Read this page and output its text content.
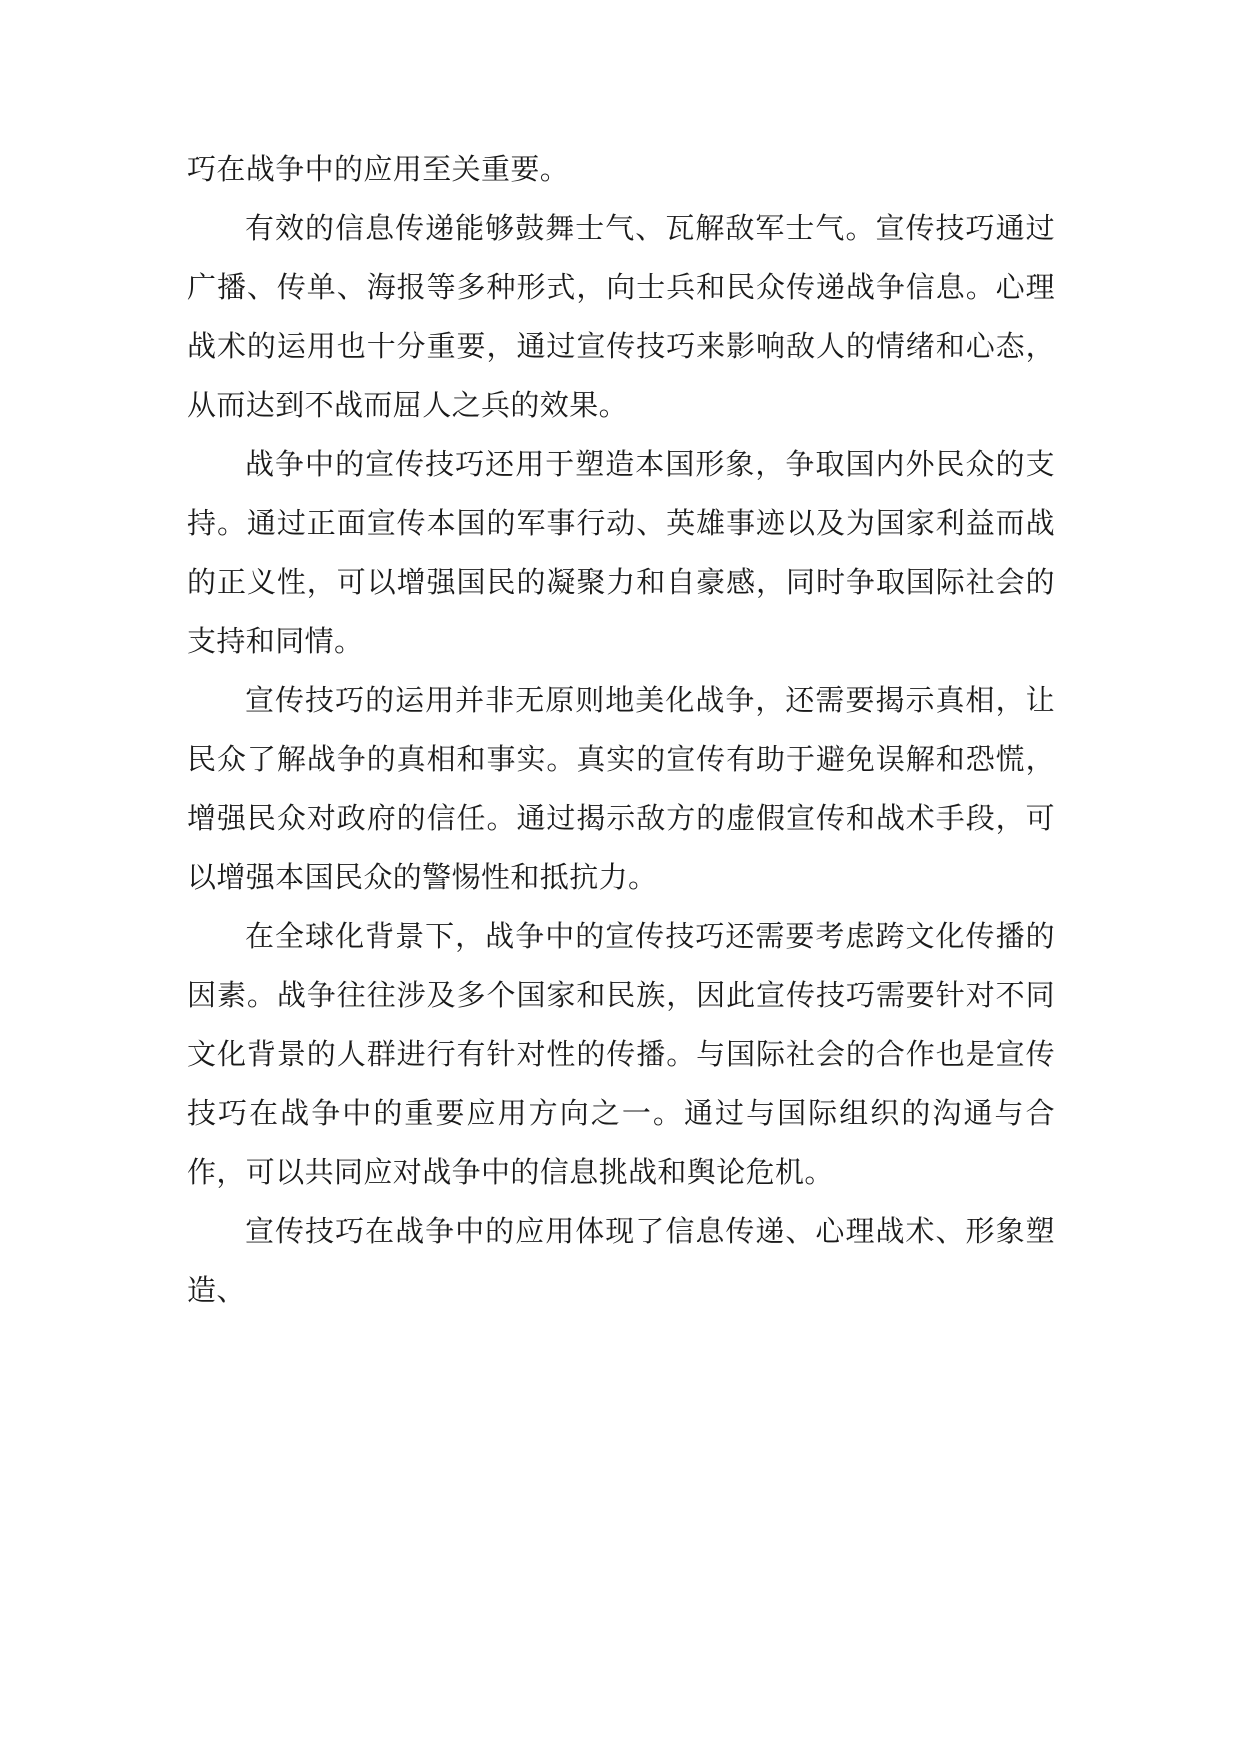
巧在战争中的应用至关重要。

有效的信息传递能够鼓舞士气、瓦解敌军士气。宣传技巧通过广播、传单、海报等多种形式，向士兵和民众传递战争信息。心理战术的运用也十分重要，通过宣传技巧来影响敌人的情绪和心态，从而达到不战而屈人之兵的效果。

战争中的宣传技巧还用于塑造本国形象，争取国内外民众的支持。通过正面宣传本国的军事行动、英雄事迹以及为国家利益而战的正义性，可以增强国民的凝聚力和自豪感，同时争取国际社会的支持和同情。

宣传技巧的运用并非无原则地美化战争，还需要揭示真相，让民众了解战争的真相和事实。真实的宣传有助于避免误解和恐慌，增强民众对政府的信任。通过揭示敌方的虚假宣传和战术手段，可以增强本国民众的警惕性和抵抗力。

在全球化背景下，战争中的宣传技巧还需要考虑跨文化传播的因素。战争往往涉及多个国家和民族，因此宣传技巧需要针对不同文化背景的人群进行有针对性的传播。与国际社会的合作也是宣传技巧在战争中的重要应用方向之一。通过与国际组织的沟通与合作，可以共同应对战争中的信息挑战和舆论危机。

宣传技巧在战争中的应用体现了信息传递、心理战术、形象塑造、
